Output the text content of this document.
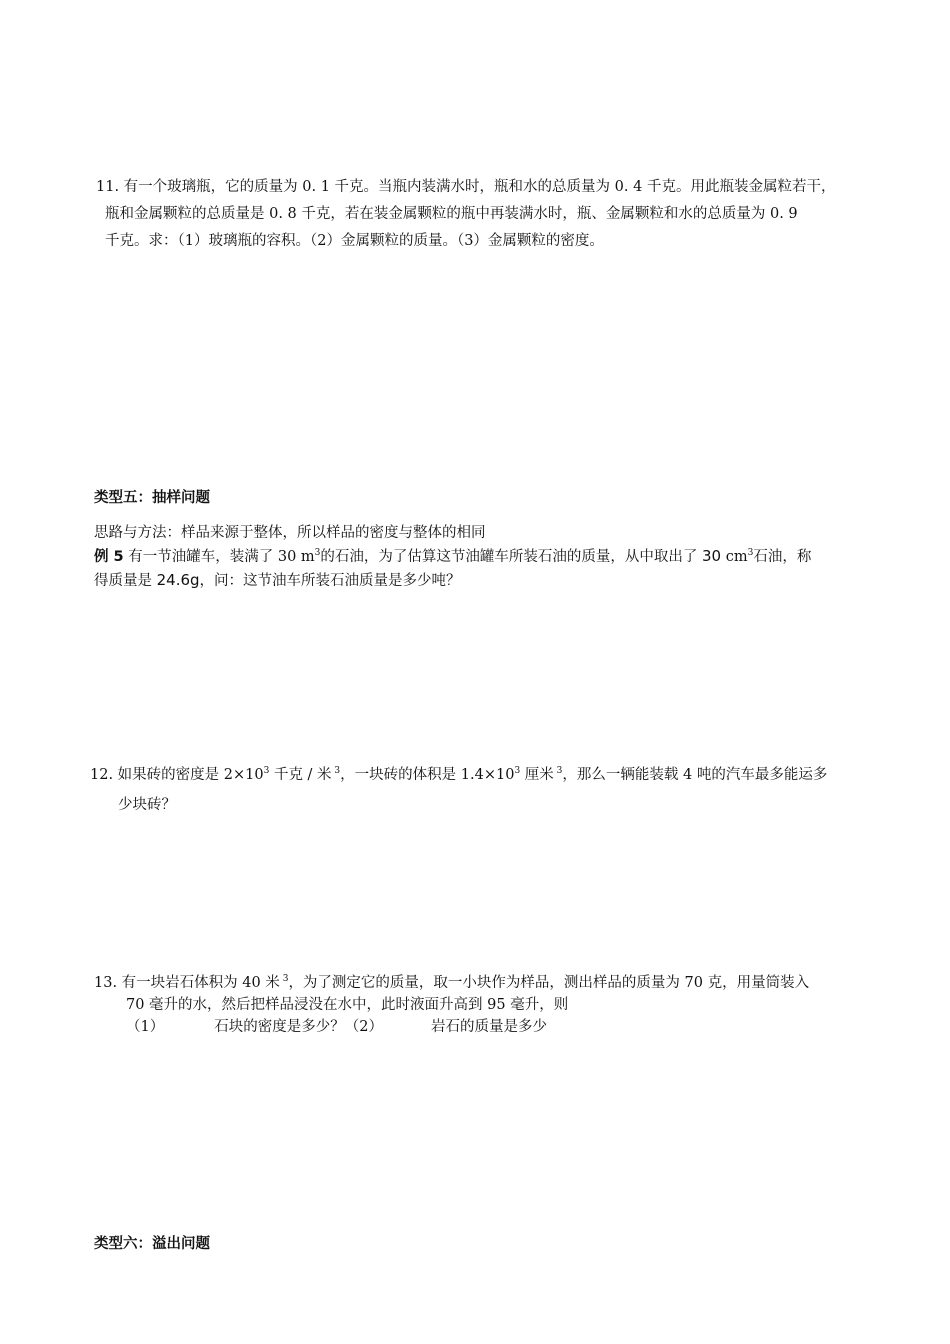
11. 有一个玻璃瓶，它的质量为 0. 1 千克。当瓶内装满水时，瓶和水的总质量为 0. 4 千克。用此瓶装金属粒若干，
瓶和金属颗粒的总质量是 0. 8 千克，若在装金属颗粒的瓶中再装满水时，瓶、金属颗粒和水的总质量为 0. 9
千克。求：（1）玻璃瓶的容积。（2）金属颗粒的质量。（3）金属颗粒的密度。
类型五：抽样问题
思路与方法：样品来源于整体，所以样品的密度与整体的相同
例 5 有一节油罐车，装满了 30 $m^3$的石油，为了估算这节油罐车所装石油的质量，从中取出了 30 $cm^3$石油，称
得质量是 24.6g，问：这节油车所装石油质量是多少吨？
12. 如果砖的密度是 $2\times 10^3$ 千克 / 米 $^3$，一块砖的体积是 $1.4\times 10^3$ 厘米 $^3$，那么一辆能装载 4 吨的汽车最多能运多
少块砖？
13. 有一块岩石体积为 40 米 $^3$，为了测定它的质量，取一小块作为样品，测出样品的质量为 70 克，用量筒装入
70 毫升的水，然后把样品浸没在水中，此时液面升高到 95 毫升，则
（1）	石块的密度是多少？（2）	岩石的质量是多少
类型六：溢出问题
